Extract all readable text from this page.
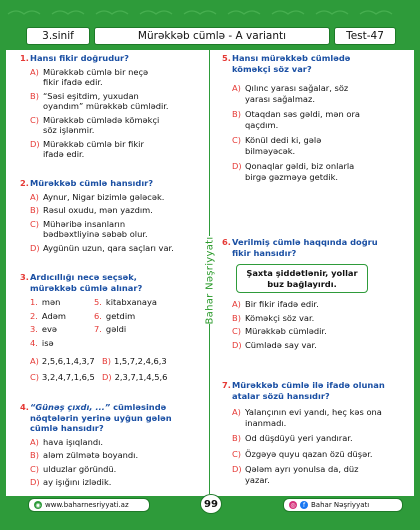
3.sinif	Mürəkkəb cümlə - A variantı	Test-47
Bahar Nəşriyyatı
1. Hansı fikir doğrudur?
A) Mürəkkəb cümlə bir neçə fikir ifadə edir.
B) “Səsi eşitdim, yuxudan oyandım” mürəkkəb cümlədir.
C) Mürəkkəb cümlədə köməkçi söz işlənmir.
D) Mürəkkəb cümlə bir fikir ifadə edir.
2. Mürəkkəb cümlə hansıdır?
A) Aynur, Nigar bizimlə gələcək.
B) Rəsul oxudu, mən yazdım.
C) Mühəribə insanların bədbəxtliyinə səbəb olur.
D) Aygünün uzun, qara saçları var.
3. Ardıcıllığı necə seçsək, mürəkkəb cümlə alınar?
1. mən	5. kitabxanaya
2. Adəm	6. getdim
3. evə	7. gəldi
4. isə
A) 2,5,6,1,4,3,7 B) 1,5,7,2,4,6,3
C) 3,2,4,7,1,6,5 D) 2,3,7,1,4,5,6
4. “Günəş çıxdı, ...” cümləsində nöqtələrin yerinə uyğun gələn cümlə hansıdır?
A) hava işıqlandı.
B) aləm zülmətə boyandı.
C) ulduzlar göründü.
D) ay işığını izlədik.
5. Hansı mürəkkəb cümlədə köməkçi söz var?
A) Qılınc yarası sağalar, söz yarası sağalmaz.
B) Otaqdan səs gəldi, mən ora qaçdım.
C) Könül dedi ki, gələ bilməyəcək.
D) Qonaqlar gəldi, biz onlarla birgə gəzməyə getdik.
6. Verilmiş cümlə haqqında doğru fikir hansıdır?
Şaxta şiddətlənir, yollar buz bağlayırdı.
A) Bir fikir ifadə edir.
B) Köməkçi söz var.
C) Mürəkkəb cümlədir.
D) Cümlədə say var.
7. Mürəkkəb cümlə ilə ifadə olunan atalar sözü hansıdır?
A) Yalançının evi yandı, heç kəs ona inanmadı.
B) Od düşdüyü yeri yandırar.
C) Özgəyə quyu qazan özü düşər.
D) Qələm ayrı yonulsa da, düz yazar.
◉ www.baharnesriyyati.az	99	◎	f Bahar Nəşriyyatı
